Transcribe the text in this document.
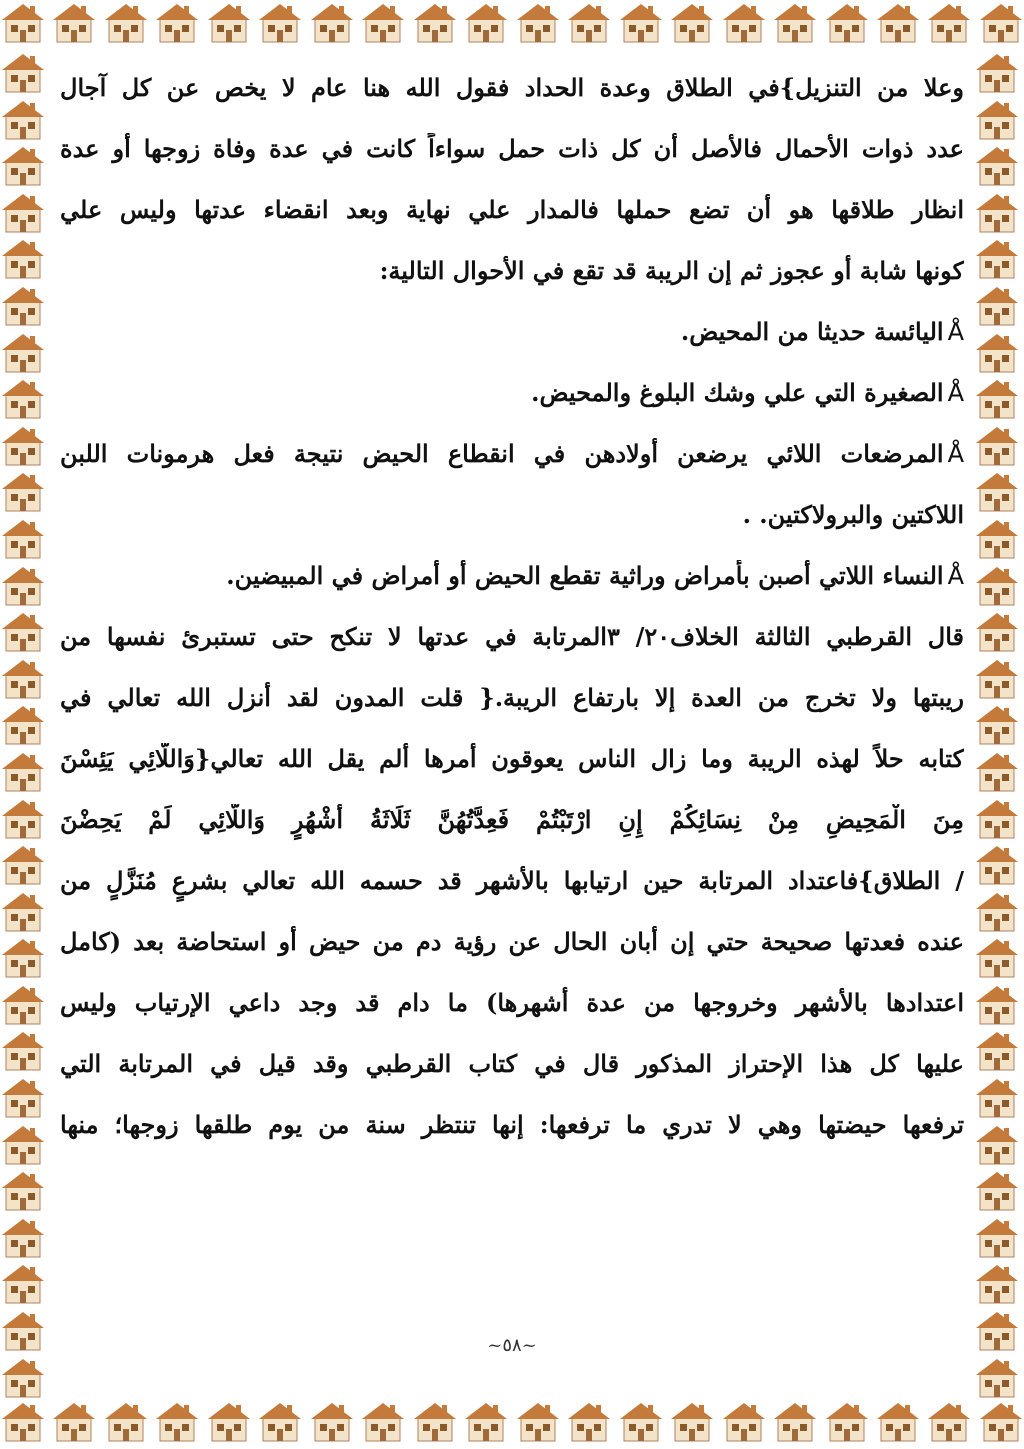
وعلا من التنزيل}في الطلاق وعدة الحداد فقول الله هنا عام لا يخص عن كل آجال
عدد ذوات الأحمال فالأصل أن كل ذات حمل سواءاً كانت في عدة وفاة زوجها أو عدة
انظار طلاقها هو أن تضع حملها فالمدار علي نهاية وبعد انقضاء عدتها وليس علي
كونها شابة أو عجوز ثم إن الريبة قد تقع في الأحوال التالية:
Å اليائسة حديثا من المحيض.
Å الصغيرة التي علي وشك البلوغ والمحيض.
Å المرضعات اللائي يرضعن أولادهن في انقطاع الحيض نتيجة فعل هرمونات اللبن
اللاكتين والبرولاكتين. .
Å النساء اللاتي أصبن بأمراض وراثية تقطع الحيض أو أمراض في المبيضين.
قال القرطبي الثالثة الخلاف٢٠/ ٣المرتابة في عدتها لا تنكح حتى تستبرئ نفسها من
ريبتها ولا تخرج من العدة إلا بارتفاع الريبة.{ قلت المدون لقد أنزل الله تعالي في
كتابه حلاً لهذه الريبة وما زال الناس يعوقون أمرها ألم يقل الله تعالي{وَاللَّائِي يَئِسْنَ
مِنَ الْمَحِيضِ مِنْ نِسَائِكُمْ إِنِ ارْتَبْتُمْ فَعِدَّتُهُنَّ ثَلَاثَةُ أَشْهُرٍ وَاللَّائِي لَمْ يَحِضْنَ
/ الطلاق}فاعتداد المرتابة حين ارتيابها بالأشهر قد حسمه الله تعالي بشرعٍ مُنَزَّلٍ من
عنده فعدتها صحيحة حتي إن أبان الحال عن رؤية دم من حيض أو استحاضة بعد (كامل
اعتدادها بالأشهر وخروجها من عدة أشهرها) ما دام قد وجد داعي الإرتياب وليس
عليها كل هذا الإحتراز المذكور قال في كتاب القرطبي وقد قيل في المرتابة التي
ترفعها حيضتها وهي لا تدري ما ترفعها: إنها تنتظر سنة من يوم طلقها زوجها؛ منها
~٥٨~
